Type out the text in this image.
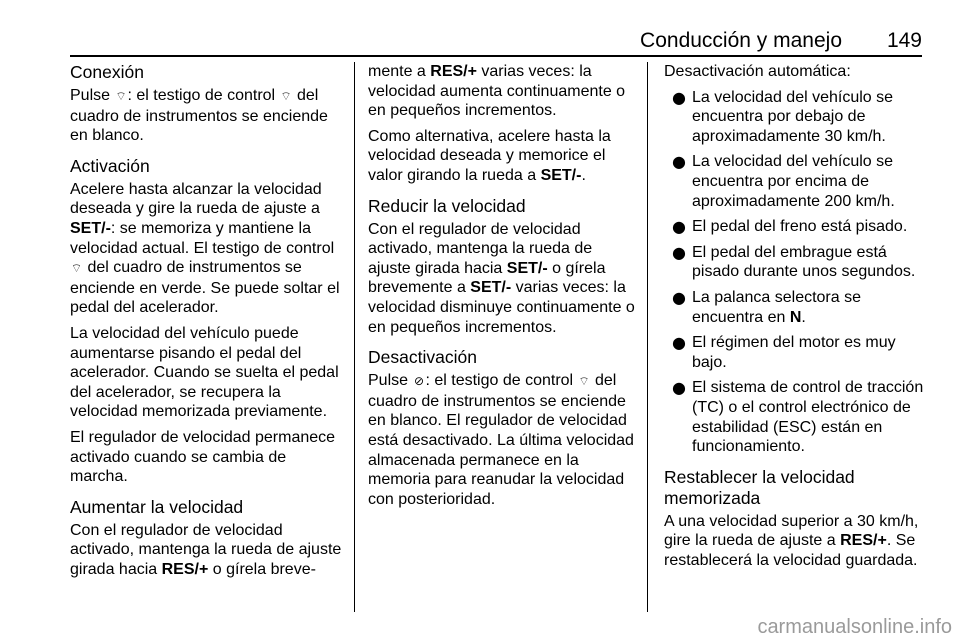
Conducción y manejo 149
Conexión

Pulse ⌔: el testigo de control ⌔ del cuadro de instrumentos se enciende en blanco.

Activación

Acelere hasta alcanzar la velocidad deseada y gire la rueda de ajuste a SET/-: se memoriza y mantiene la velocidad actual. El testigo de control ⌔ del cuadro de instrumentos se enciende en verde. Se puede soltar el pedal del acelerador.

La velocidad del vehículo puede aumentarse pisando el pedal del acelerador. Cuando se suelta el pedal del acelerador, se recupera la velocidad memorizada previamente.

El regulador de velocidad permanece activado cuando se cambia de marcha.

Aumentar la velocidad

Con el regulador de velocidad activado, mantenga la rueda de ajuste girada hacia RES/+ o gírela breve-

mente a RES/+ varias veces: la velocidad aumenta continuamente o en pequeños incrementos.

Como alternativa, acelere hasta la velocidad deseada y memorice el valor girando la rueda a SET/-.

Reducir la velocidad

Con el regulador de velocidad activado, mantenga la rueda de ajuste girada hacia SET/- o gírela brevemente a SET/- varias veces: la velocidad disminuye continuamente o en pequeños incrementos.

Desactivación

Pulse ⊘: el testigo de control ⌔ del cuadro de instrumentos se enciende en blanco. El regulador de velocidad está desactivado. La última velocidad almacenada permanece en la memoria para reanudar la velocidad con posterioridad.

Desactivación automática:

● La velocidad del vehículo se encuentra por debajo de aproximadamente 30 km/h.
● La velocidad del vehículo se encuentra por encima de aproximadamente 200 km/h.
● El pedal del freno está pisado.
● El pedal del embrague está pisado durante unos segundos.
● La palanca selectora se encuentra en N.
● El régimen del motor es muy bajo.
● El sistema de control de tracción (TC) o el control electrónico de estabilidad (ESC) están en funcionamiento.
Restablecer la velocidad
memorizada

A una velocidad superior a 30 km/h, gire la rueda de ajuste a RES/+. Se restablecerá la velocidad guardada.

carmanualsonline.info
